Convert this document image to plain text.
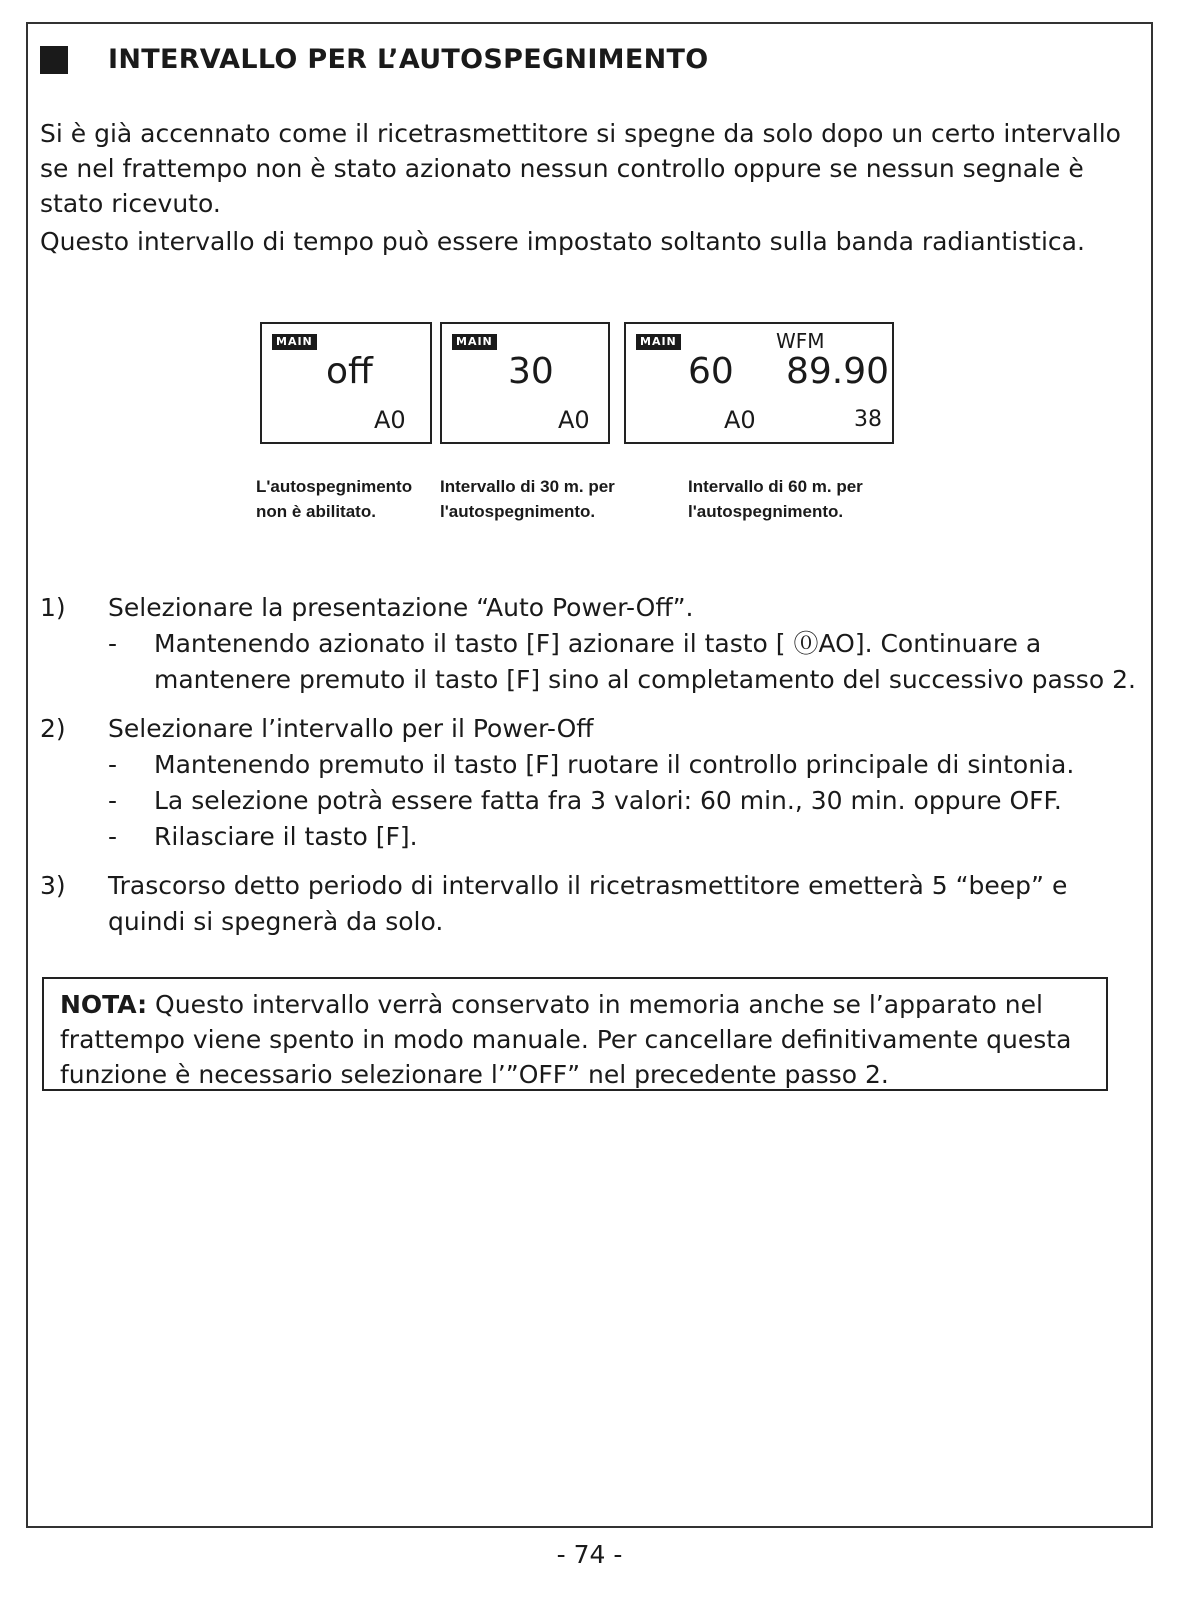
INTERVALLO PER L’AUTOSPEGNIMENTO
Si è già accennato come il ricetrasmettitore si spegne da solo dopo un certo intervallo se nel frattempo non è stato azionato nessun controllo oppure se nessun segnale è stato ricevuto.
Questo intervallo di tempo può essere impostato soltanto sulla banda radiantistica.
MAIN
off
A0
MAIN
30
A0
MAIN	WFM
60 89.90
A0	38
L'autospegnimento non è abilitato.
Intervallo di 30 m. per l'autospegnimento.
Intervallo di 60 m. per l'autospegnimento.
1) Selezionare la presentazione “Auto Power-Off”.
- Mantenendo azionato il tasto [F] azionare il tasto [ ⓪AO]. Continuare a mantenere premuto il tasto [F] sino al completamento del successivo passo 2.
2) Selezionare l’intervallo per il Power-Off
- Mantenendo premuto il tasto [F] ruotare il controllo principale di sintonia.
- La selezione potrà essere fatta fra 3 valori: 60 min., 30 min. oppure OFF.
- Rilasciare il tasto [F].
3) Trascorso detto periodo di intervallo il ricetrasmettitore emetterà 5 “beep” e quindi si spegnerà da solo.
NOTA: Questo intervallo verrà conservato in memoria anche se l’apparato nel frattempo viene spento in modo manuale. Per cancellare definitivamente questa funzione è necessario selezionare l’”OFF” nel precedente passo 2.
- 74 -
